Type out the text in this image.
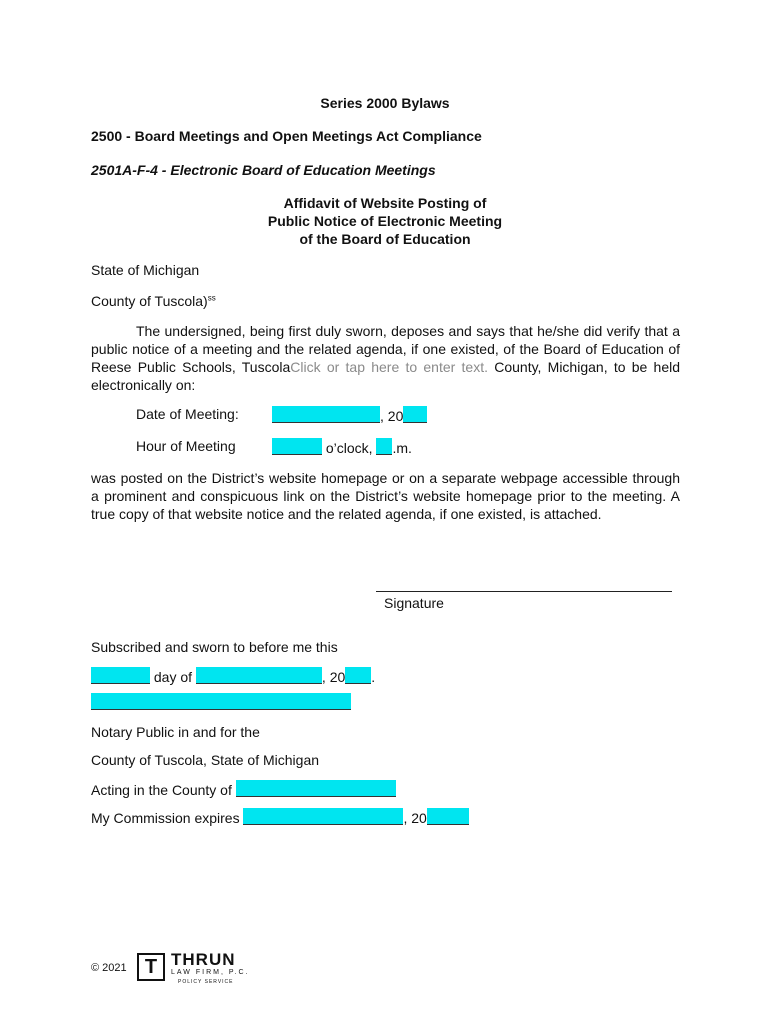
Series 2000 Bylaws
2500 - Board Meetings and Open Meetings Act Compliance
2501A-F-4 - Electronic Board of Education Meetings
Affidavit of Website Posting of
Public Notice of Electronic Meeting
of the Board of Education
State of Michigan
County of Tuscola)$^{ss}$
The undersigned, being first duly sworn, deposes and says that he/she did verify that a public notice of a meeting and the related agenda, if one existed, of the Board of Education of Reese Public Schools, TuscolaClick or tap here to enter text. County, Michigan, to be held electronically on:
Date of Meeting:	, 20
Hour of Meeting	o’clock, .m.
was posted on the District’s website homepage or on a separate webpage accessible through a prominent and conspicuous link on the District’s website homepage prior to the meeting. A true copy of that website notice and the related agenda, if one existed, is attached.
Signature
Subscribed and sworn to before me this
day of	, 20 .
Notary Public in and for the
County of Tuscola, State of Michigan
Acting in the County of
My Commission expires	, 20
© 2021 T THRUN
LAW FIRM, P.C.
POLICY SERVICE
